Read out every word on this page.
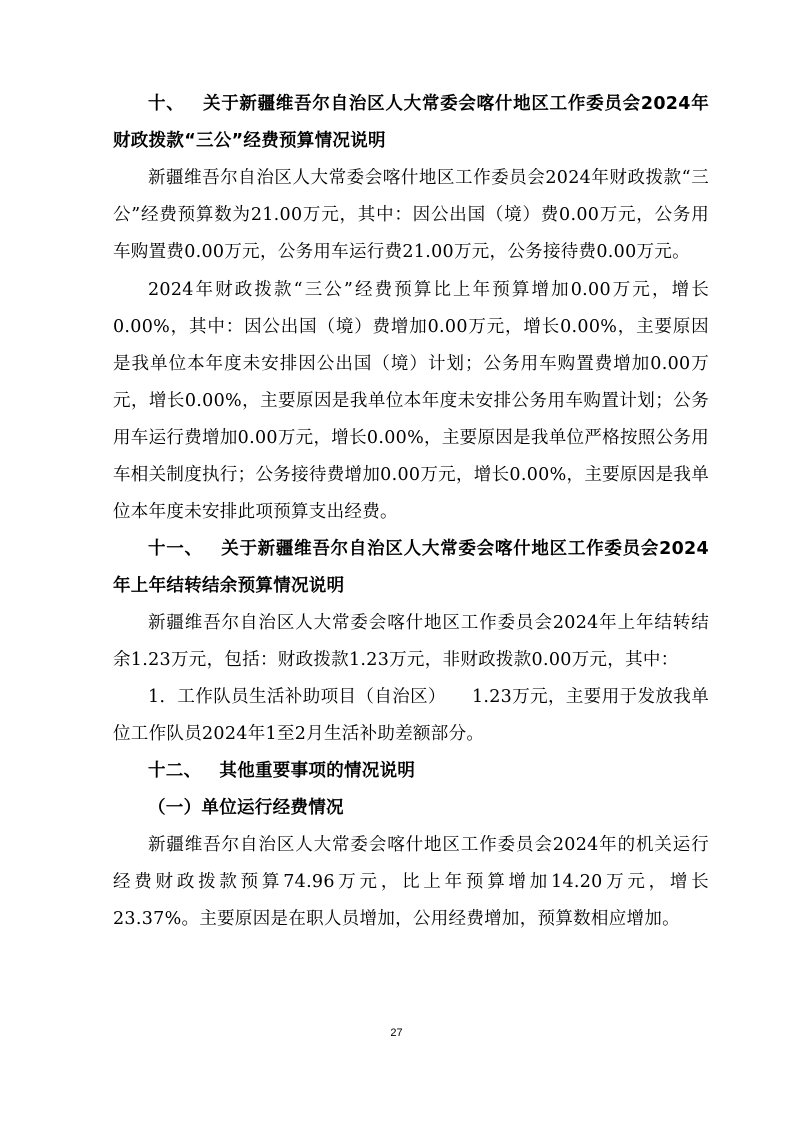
十、 关于新疆维吾尔自治区人大常委会喀什地区工作委员会2024年财政拨款“三公”经费预算情况说明

新疆维吾尔自治区人大常委会喀什地区工作委员会2024年财政拨款“三公”经费预算数为21.00万元，其中：因公出国（境）费0.00万元，公务用车购置费0.00万元，公务用车运行费21.00万元，公务接待费0.00万元。

2024年财政拨款“三公”经费预算比上年预算增加0.00万元，增长0.00%，其中：因公出国（境）费增加0.00万元，增长0.00%，主要原因是我单位本年度未安排因公出国（境）计划；公务用车购置费增加0.00万元，增长0.00%，主要原因是我单位本年度未安排公务用车购置计划；公务用车运行费增加0.00万元，增长0.00%，主要原因是我单位严格按照公务用车相关制度执行；公务接待费增加0.00万元，增长0.00%，主要原因是我单位本年度未安排此项预算支出经费。

十一、 关于新疆维吾尔自治区人大常委会喀什地区工作委员会2024年上年结转结余预算情况说明

新疆维吾尔自治区人大常委会喀什地区工作委员会2024年上年结转结余1.23万元，包括：财政拨款1.23万元，非财政拨款0.00万元，其中：

1．工作队员生活补助项目（自治区） 1.23万元，主要用于发放我单位工作队员2024年1至2月生活补助差额部分。

十二、 其他重要事项的情况说明

（一）单位运行经费情况

新疆维吾尔自治区人大常委会喀什地区工作委员会2024年的机关运行经费财政拨款预算74.96万元，比上年预算增加14.20万元，增长23.37%。主要原因是在职人员增加，公用经费增加，预算数相应增加。

27
